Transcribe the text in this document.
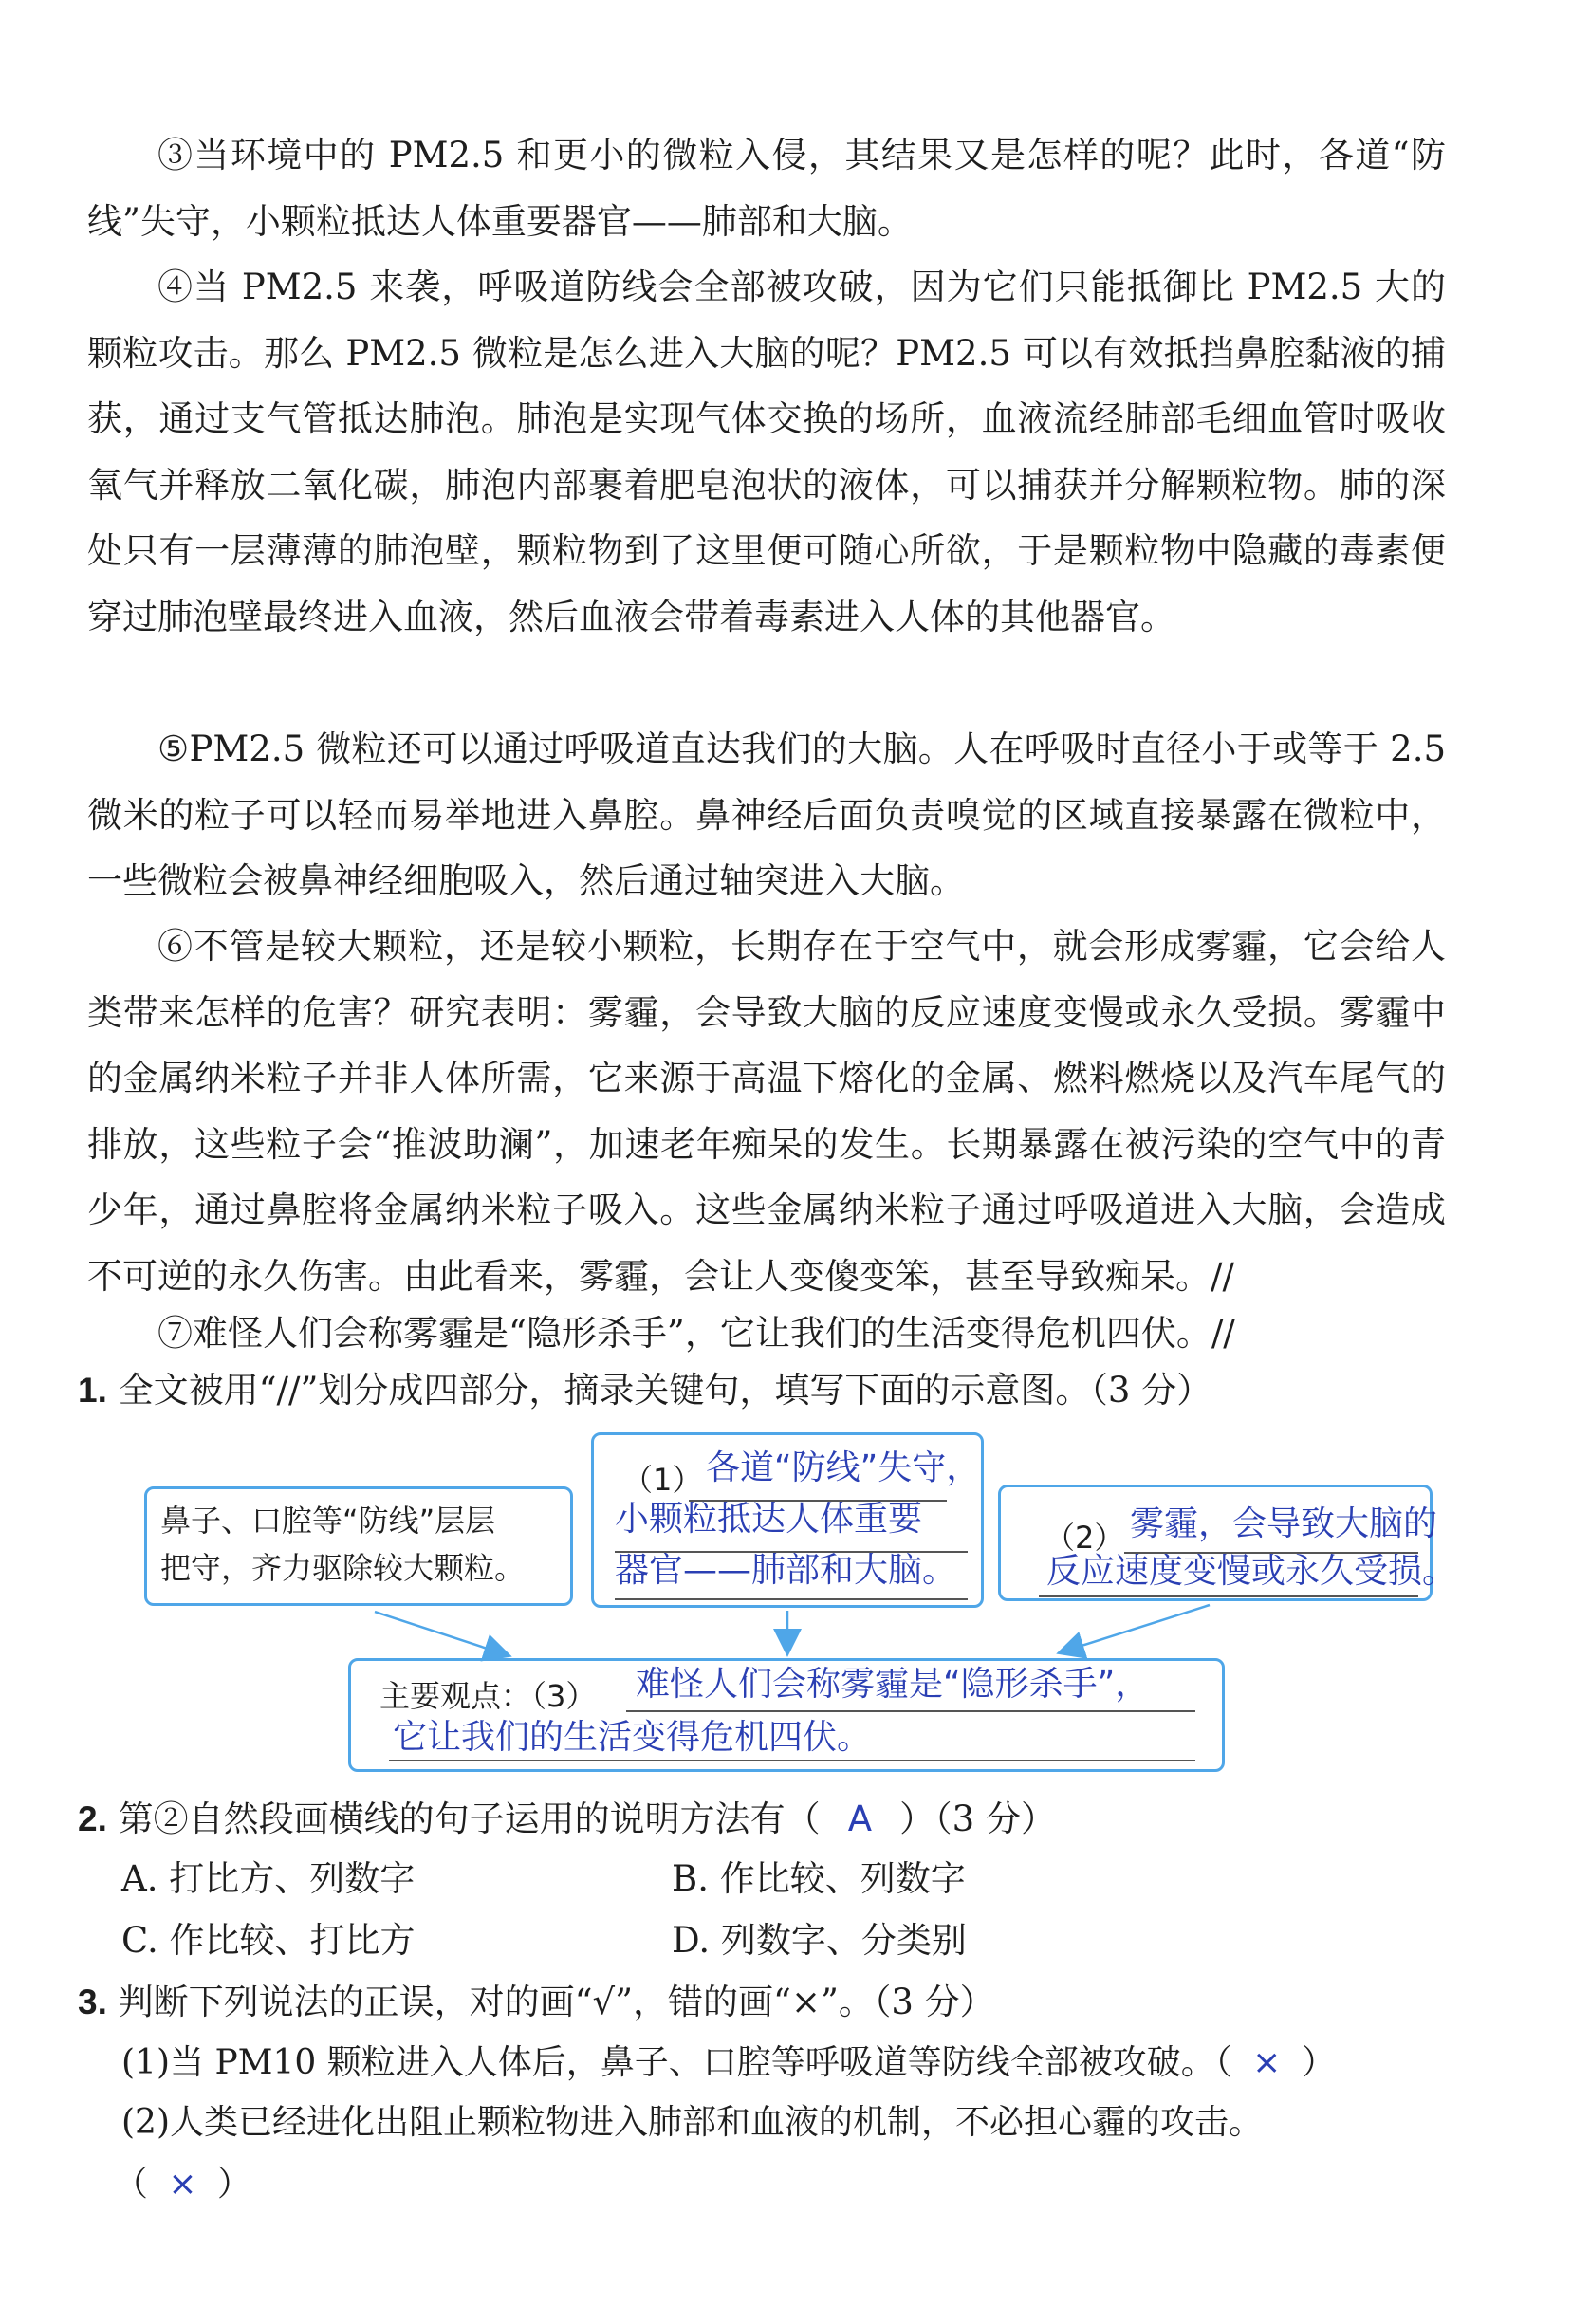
③当环境中的 PM2.5 和更小的微粒入侵，其结果又是怎样的呢？此时，各道“防线”失守，小颗粒抵达人体重要器官——肺部和大脑。

④当 PM2.5 来袭，呼吸道防线会全部被攻破，因为它们只能抵御比 PM2.5 大的颗粒攻击。那么 PM2.5 微粒是怎么进入大脑的呢？PM2.5 可以有效抵挡鼻腔黏液的捕获，通过支气管抵达肺泡。肺泡是实现气体交换的场所，血液流经肺部毛细血管时吸收氧气并释放二氧化碳，肺泡内部裹着肥皂泡状的液体，可以捕获并分解颗粒物。肺的深处只有一层薄薄的肺泡壁，颗粒物到了这里便可随心所欲，于是颗粒物中隐藏的毒素便穿过肺泡壁最终进入血液，然后血液会带着毒素进入人体的其他器官。

⑤PM2.5 微粒还可以通过呼吸道直达我们的大脑。人在呼吸时直径小于或等于 2.5 微米的粒子可以轻而易举地进入鼻腔。鼻神经后面负责嗅觉的区域直接暴露在微粒中，一些微粒会被鼻神经细胞吸入，然后通过轴突进入大脑。

⑥不管是较大颗粒，还是较小颗粒，长期存在于空气中，就会形成雾霾，它会给人类带来怎样的危害？研究表明：雾霾，会导致大脑的反应速度变慢或永久受损。雾霾中的金属纳米粒子并非人体所需，它来源于高温下熔化的金属、燃料燃烧以及汽车尾气的排放，这些粒子会“推波助澜”，加速老年痴呆的发生。长期暴露在被污染的空气中的青少年，通过鼻腔将金属纳米粒子吸入。这些金属纳米粒子通过呼吸道进入大脑，会造成不可逆的永久伤害。由此看来，雾霾，会让人变傻变笨，甚至导致痴呆。//

⑦难怪人们会称雾霾是“隐形杀手”，它让我们的生活变得危机四伏。//

1. 全文被用“//”划分成四部分，摘录关键句，填写下面的示意图。（3 分）
鼻子、口腔等“防线”层层
把守，齐力驱除较大颗粒。
（1） 各道“防线”失守，
小颗粒抵达人体重要
器官——肺部和大脑。
（2） 雾霾，会导致大脑的
反应速度变慢或永久受损。
主要观点：（3） 难怪人们会称雾霾是“隐形杀手”，
它让我们的生活变得危机四伏。
2. 第②自然段画横线的句子运用的说明方法有（ A ）（3 分）
A. 打比方、列数字	B. 作比较、列数字
C. 作比较、打比方	D. 列数字、分类别
3. 判断下列说法的正误，对的画“√”，错的画“×”。（3 分）
(1)当 PM10 颗粒进入人体后，鼻子、口腔等呼吸道等防线全部被攻破。（ × ）
(2)人类已经进化出阻止颗粒物进入肺部和血液的机制，不必担心霾的攻击。
（ × ）
